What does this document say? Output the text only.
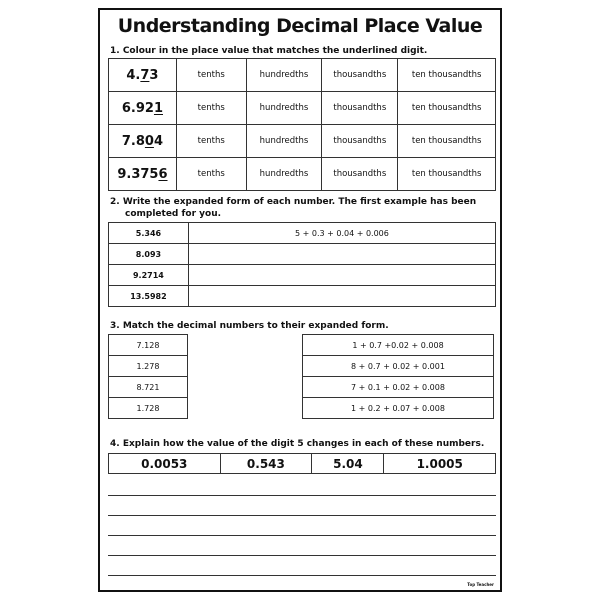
Understanding Decimal Place Value
1. Colour in the place value that matches the underlined digit.
4.73	tenths	hundredths	thousandths	ten thousandths
6.921	tenths	hundredths	thousandths	ten thousandths
7.804	tenths	hundredths	thousandths	ten thousandths
9.3756	tenths	hundredths	thousandths	ten thousandths
2. Write the expanded form of each number. The first example has been
completed for you.
5.346	5 + 0.3 + 0.04 + 0.006
8.093	
9.2714	
13.5982	
3. Match the decimal numbers to their expanded form.
7.128
1.278
8.721
1.728
1 + 0.7 +0.02 + 0.008
8 + 0.7 + 0.02 + 0.001
7 + 0.1 + 0.02 + 0.008
1 + 0.2 + 0.07 + 0.008
4. Explain how the value of the digit 5 changes in each of these numbers.
0.0053	0.543	5.04	1.0005
Top Teacher
